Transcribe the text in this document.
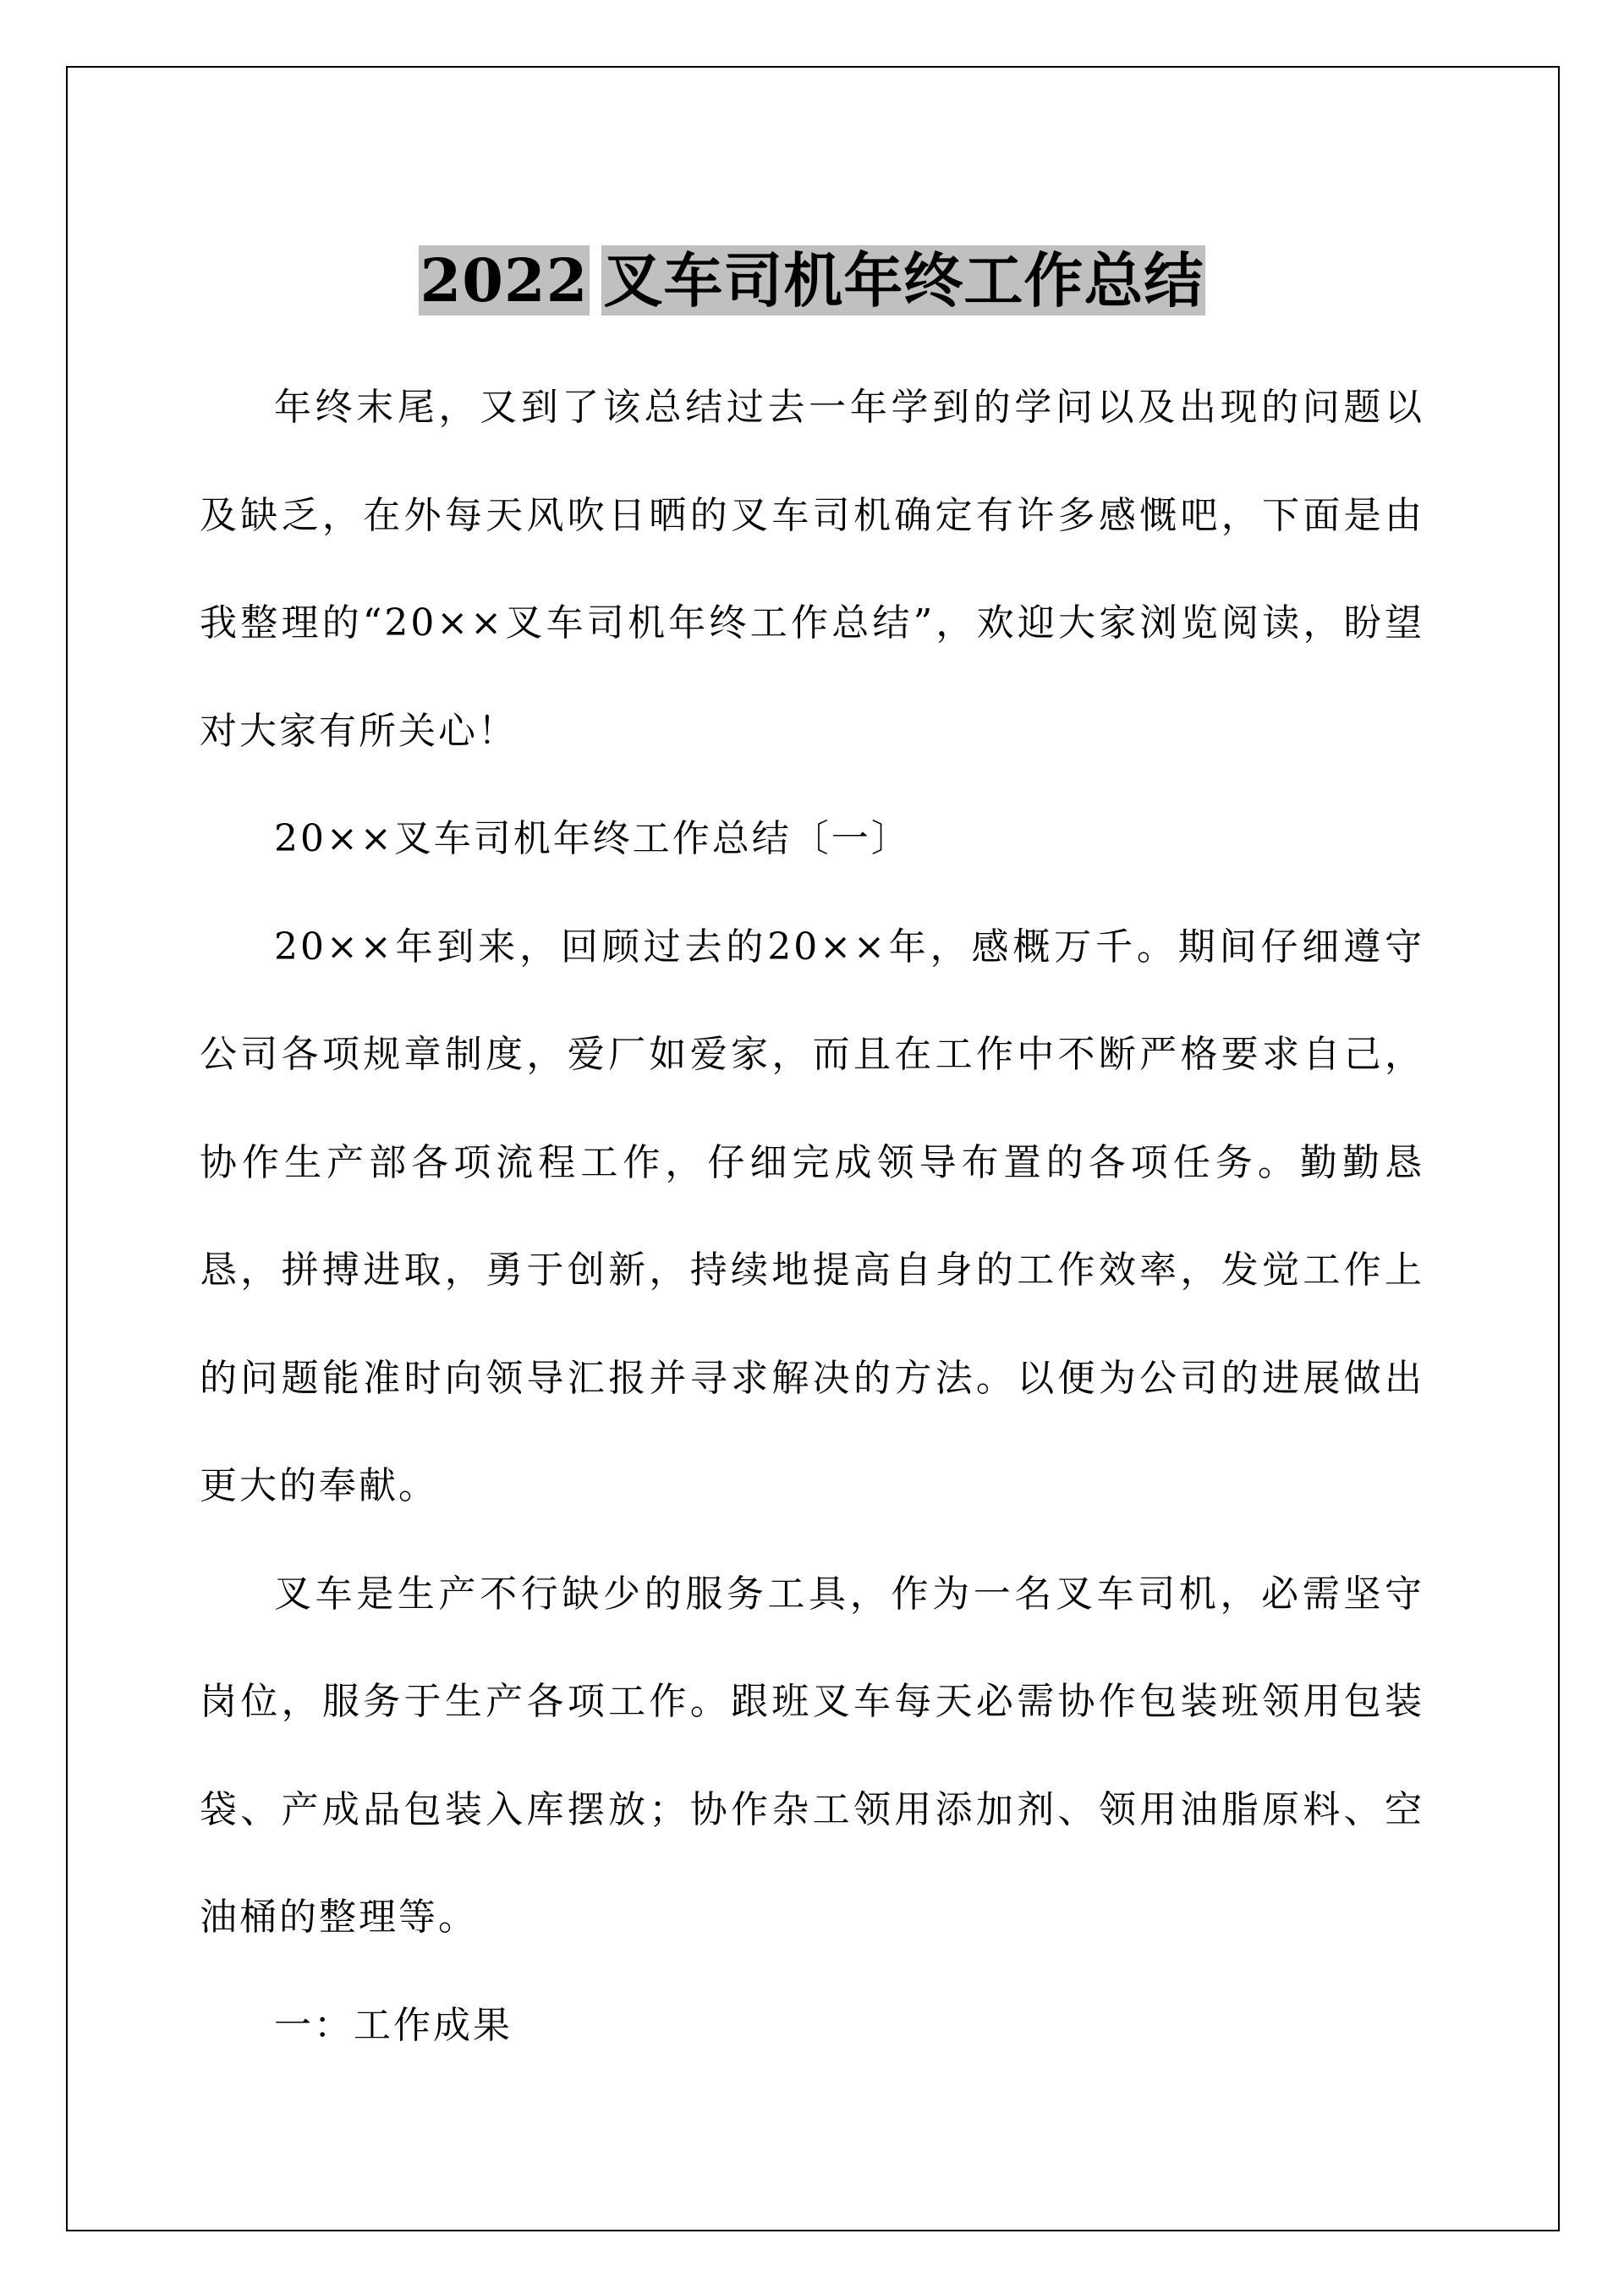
2022 叉车司机年终工作总结

年终末尾，又到了该总结过去一年学到的学问以及出现的问题以及缺乏，在外每天风吹日晒的叉车司机确定有许多感慨吧，下面是由我整理的“20××叉车司机年终工作总结”，欢迎大家浏览阅读，盼望对大家有所关心！

20××叉车司机年终工作总结〔一〕

20××年到来，回顾过去的20××年，感概万千。期间仔细遵守公司各项规章制度，爱厂如爱家，而且在工作中不断严格要求自己，协作生产部各项流程工作，仔细完成领导布置的各项任务。勤勤恳恳，拼搏进取，勇于创新，持续地提高自身的工作效率，发觉工作上的问题能准时向领导汇报并寻求解决的方法。以便为公司的进展做出更大的奉献。

叉车是生产不行缺少的服务工具，作为一名叉车司机，必需坚守岗位，服务于生产各项工作。跟班叉车每天必需协作包装班领用包装袋、产成品包装入库摆放；协作杂工领用添加剂、领用油脂原料、空油桶的整理等。

一：工作成果
